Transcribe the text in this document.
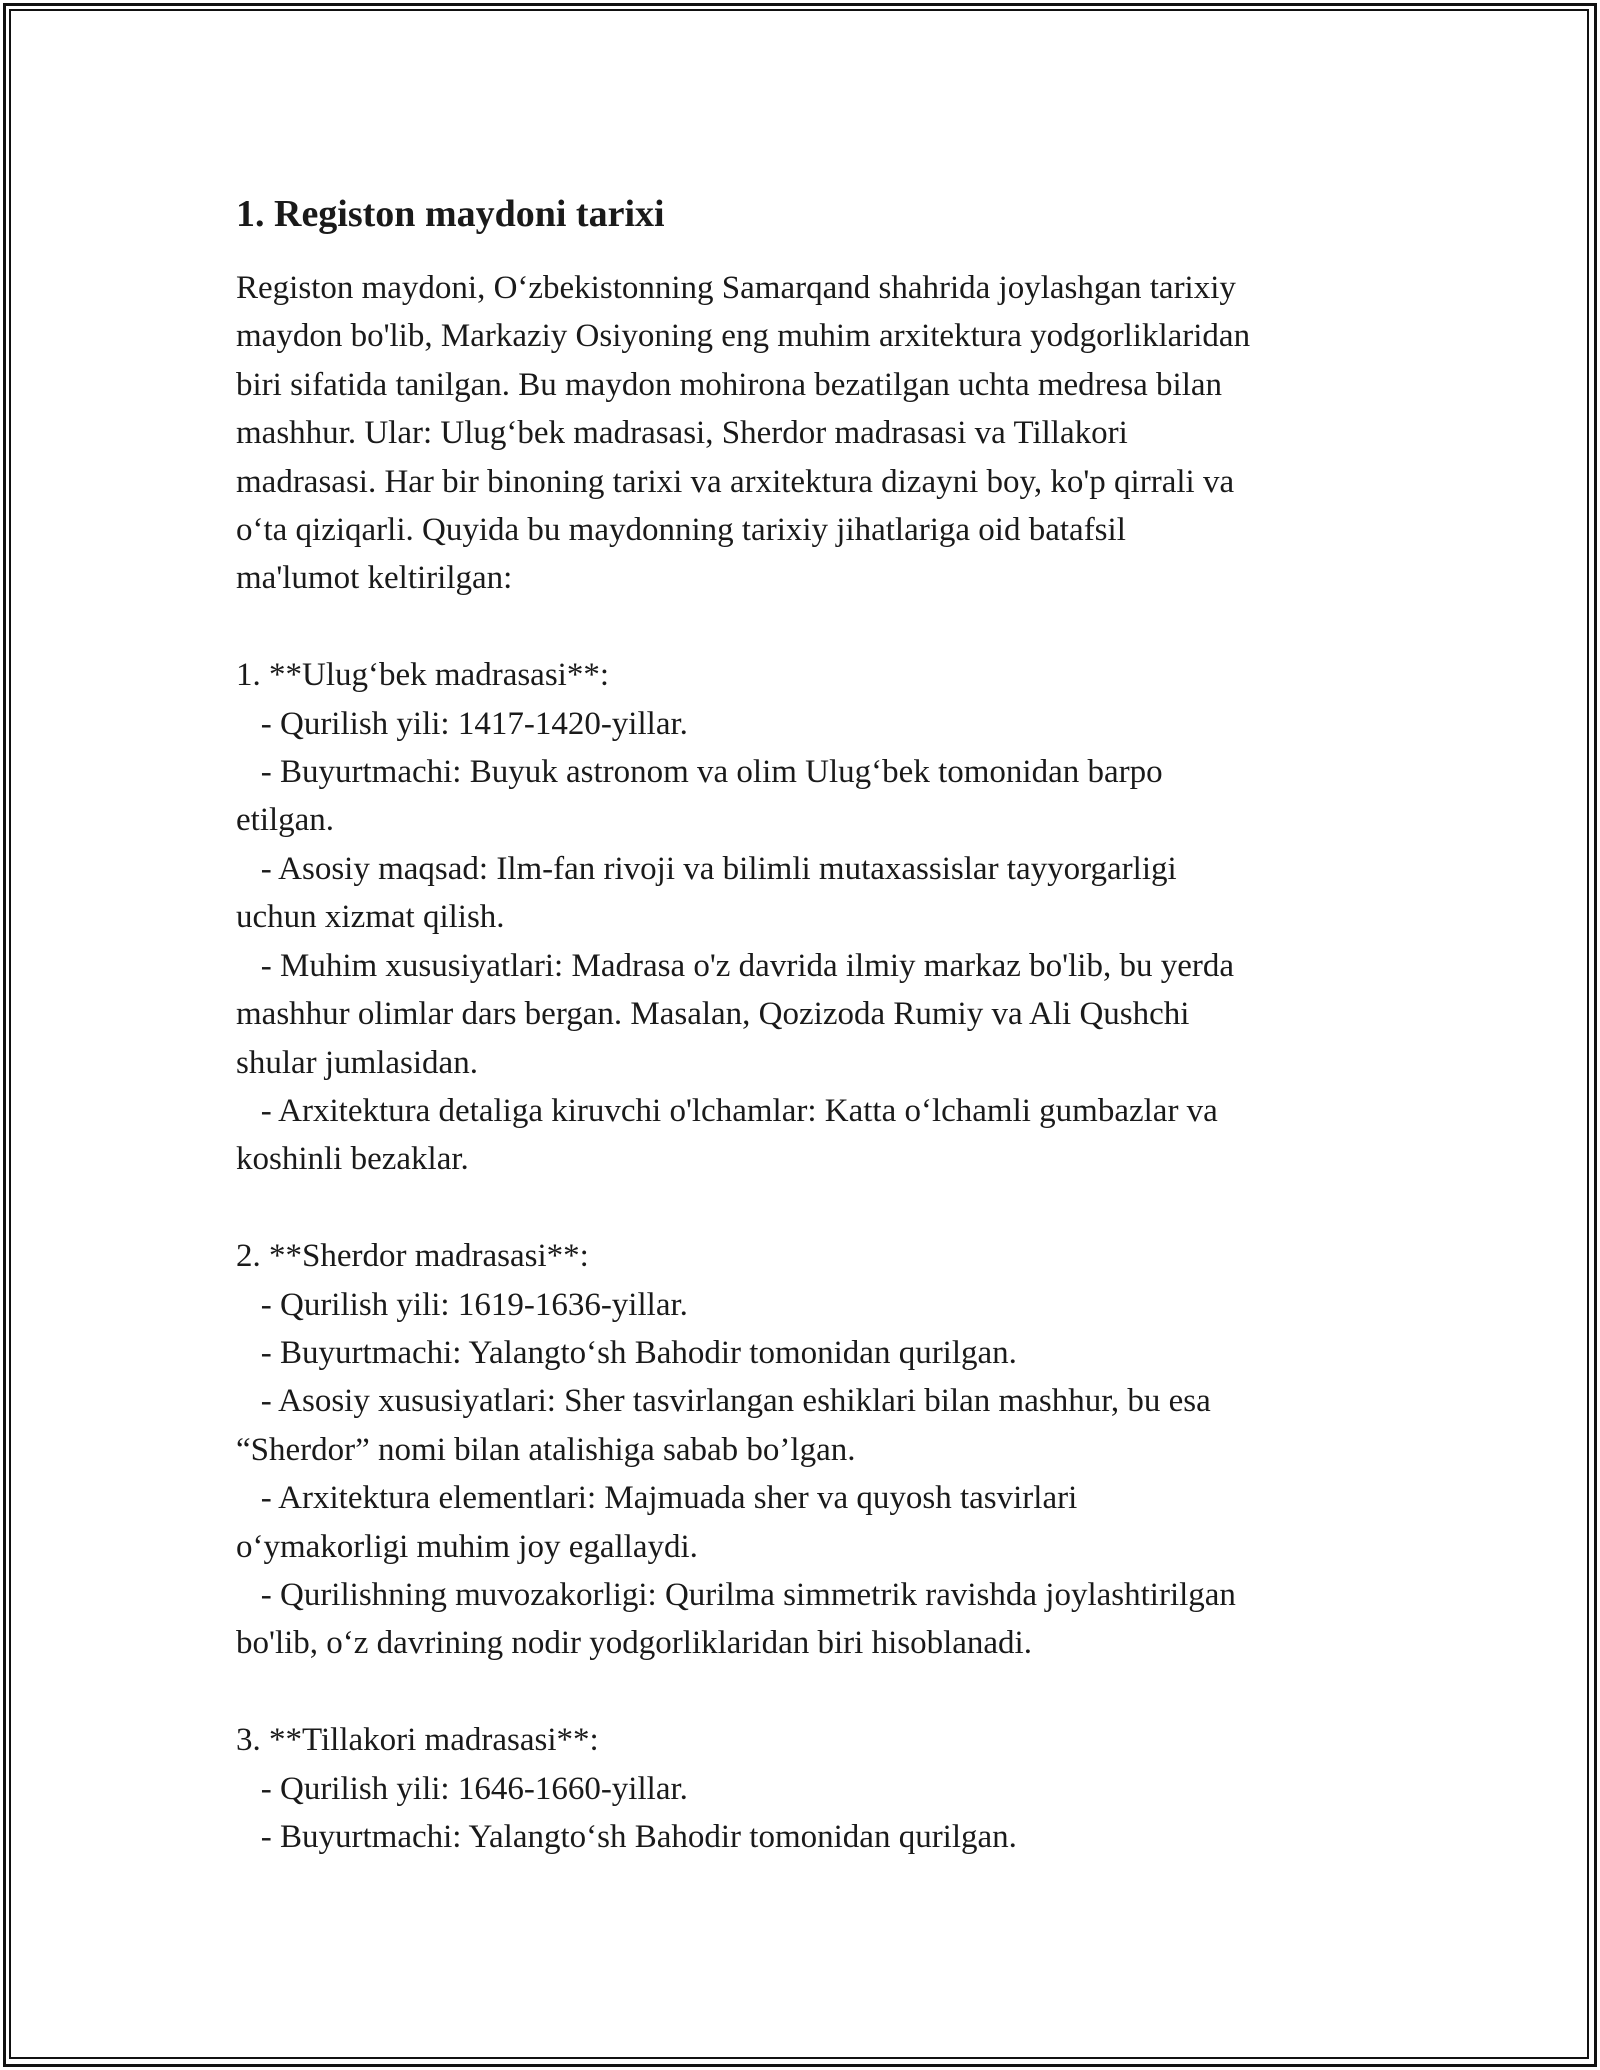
1. Registon maydoni tarixi

Registon maydoni, Oʻzbekistonning Samarqand shahrida joylashgan tarixiy
maydon bo'lib, Markaziy Osiyoning eng muhim arxitektura yodgorliklaridan
biri sifatida tanilgan. Bu maydon mohirona bezatilgan uchta medresa bilan
mashhur. Ular: Ulugʻbek madrasasi, Sherdor madrasasi va Tillakori
madrasasi. Har bir binoning tarixi va arxitektura dizayni boy, ko'p qirrali va
oʻta qiziqarli. Quyida bu maydonning tarixiy jihatlariga oid batafsil
ma'lumot keltirilgan:

1. **Ulugʻbek madrasasi**:
- Qurilish yili: 1417-1420-yillar.
- Buyurtmachi: Buyuk astronom va olim Ulugʻbek tomonidan barpo
etilgan.
- Asosiy maqsad: Ilm-fan rivoji va bilimli mutaxassislar tayyorgarligi
uchun xizmat qilish.
- Muhim xususiyatlari: Madrasa o'z davrida ilmiy markaz bo'lib, bu yerda
mashhur olimlar dars bergan. Masalan, Qozizoda Rumiy va Ali Qushchi
shular jumlasidan.
- Arxitektura detaliga kiruvchi o'lchamlar: Katta oʻlchamli gumbazlar va
koshinli bezaklar.

2. **Sherdor madrasasi**:
- Qurilish yili: 1619-1636-yillar.
- Buyurtmachi: Yalangtoʻsh Bahodir tomonidan qurilgan.
- Asosiy xususiyatlari: Sher tasvirlangan eshiklari bilan mashhur, bu esa
“Sherdor” nomi bilan atalishiga sabab bo’lgan.
- Arxitektura elementlari: Majmuada sher va quyosh tasvirlari
oʻymakorligi muhim joy egallaydi.
- Qurilishning muvozakorligi: Qurilma simmetrik ravishda joylashtirilgan
bo'lib, oʻz davrining nodir yodgorliklaridan biri hisoblanadi.

3. **Tillakori madrasasi**:
- Qurilish yili: 1646-1660-yillar.
- Buyurtmachi: Yalangtoʻsh Bahodir tomonidan qurilgan.
